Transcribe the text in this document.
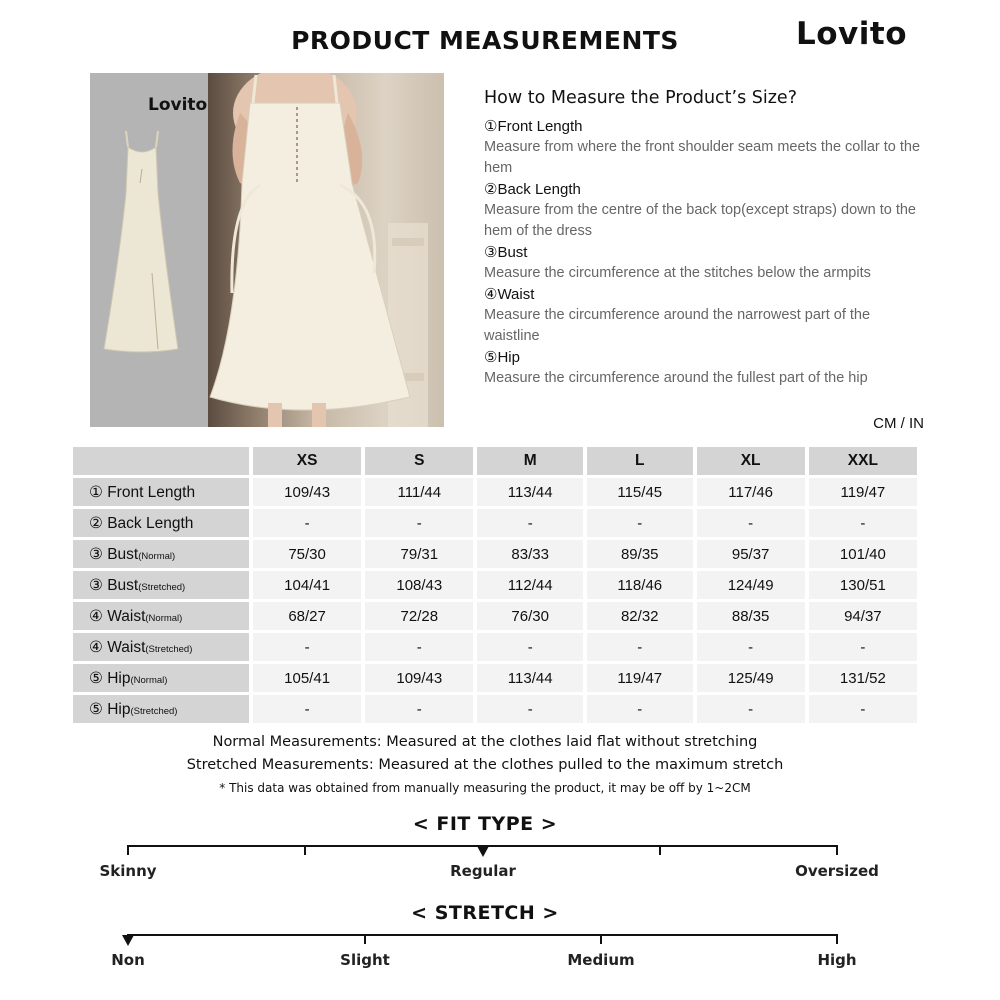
PRODUCT MEASUREMENTS	Lovito
Lovito	How to Measure the Product’s Size?
①Front Length
Measure from where the front shoulder seam meets the collar to the hem
②Back Length
Measure from the centre of the back top(except straps) down to the hem of the dress
③Bust
Measure the circumference at the stitches below the armpits
④Waist
Measure the circumference around the narrowest part of the waistline
⑤Hip
Measure the circumference around the fullest part of the hip
CM / IN
	XS	S	M	L	XL	XXL
① Front Length	109/43	111/44	113/44	115/45	117/46	119/47
② Back Length	-	-	-	-	-	-
③ Bust(Normal)	75/30	79/31	83/33	89/35	95/37	101/40
③ Bust(Stretched)	104/41	108/43	112/44	118/46	124/49	130/51
④ Waist(Normal)	68/27	72/28	76/30	82/32	88/35	94/37
④ Waist(Stretched)	-	-	-	-	-	-
⑤ Hip(Normal)	105/41	109/43	113/44	119/47	125/49	131/52
⑤ Hip(Stretched)	-	-	-	-	-	-
Normal Measurements: Measured at the clothes laid flat without stretching
Stretched Measurements: Measured at the clothes pulled to the maximum stretch
* This data was obtained from manually measuring the product, it may be off by 1~2CM
< FIT TYPE >
Skinny	Regular	Oversized
< STRETCH >
Non	Slight	Medium	High
